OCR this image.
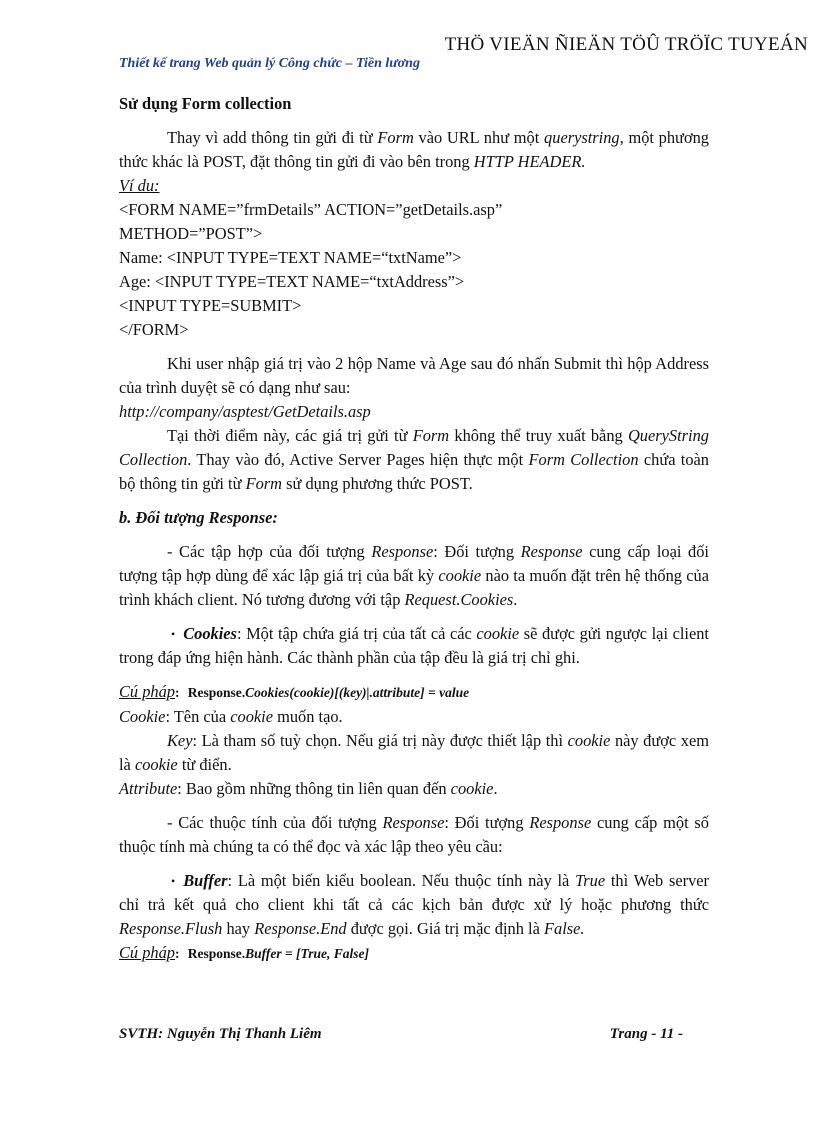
THÖ VIEÄN ÑIEÄN TÖÛ TRÖÏC TUYEÁN
Thiết kế trang Web quản lý Công chức – Tiền lương

Sử dụng Form collection

Thay vì add thông tin gửi đi từ Form vào URL như một querystring, một phương thức khác là POST, đặt thông tin gửi đi vào bên trong HTTP HEADER.

Ví du:

<FORM NAME=”frmDetails” ACTION=”getDetails.asp”

METHOD=”POST”>

Name: <INPUT TYPE=TEXT NAME=“txtName”>

Age: <INPUT TYPE=TEXT NAME=“txtAddress”>

<INPUT TYPE=SUBMIT>

</FORM>

Khi user nhập giá trị vào 2 hộp Name và Age sau đó nhấn Submit thì hộp Address của trình duyệt sẽ có dạng như sau:

http://company/asptest/GetDetails.asp

Tại thời điểm này, các giá trị gửi từ Form không thể truy xuất bằng QueryString Collection. Thay vào đó, Active Server Pages hiện thực một Form Collection chứa toàn bộ thông tin gửi từ Form sử dụng phương thức POST.

b. Đối tượng Response:

- Các tập hợp của đối tượng Response: Đối tượng Response cung cấp loại đối tượng tập hợp dùng để xác lập giá trị của bất kỳ cookie nào ta muốn đặt trên hệ thống của trình khách client. Nó tương đương với tập Request.Cookies.

• Cookies: Một tập chứa giá trị của tất cả các cookie sẽ được gửi ngược lại client trong đáp ứng hiện hành. Các thành phần của tập đều là giá trị chỉ ghi.

Cú pháp: Response.Cookies(cookie)[(key)|.attribute] = value

Cookie: Tên của cookie muốn tạo.

Key: Là tham số tuỳ chọn. Nếu giá trị này được thiết lập thì cookie này được xem là cookie từ điển.

Attribute: Bao gồm những thông tin liên quan đến cookie.

- Các thuộc tính của đối tượng Response: Đối tượng Response cung cấp một số thuộc tính mà chúng ta có thể đọc và xác lập theo yêu cầu:

• Buffer: Là một biến kiểu boolean. Nếu thuộc tính này là True thì Web server chỉ trả kết quả cho client khi tất cả các kịch bản được xử lý hoặc phương thức Response.Flush hay Response.End được gọi. Giá trị mặc định là False.

Cú pháp: Response.Buffer = [True, False]

SVTH: Nguyễn Thị Thanh Liêm	Trang - 11 -
